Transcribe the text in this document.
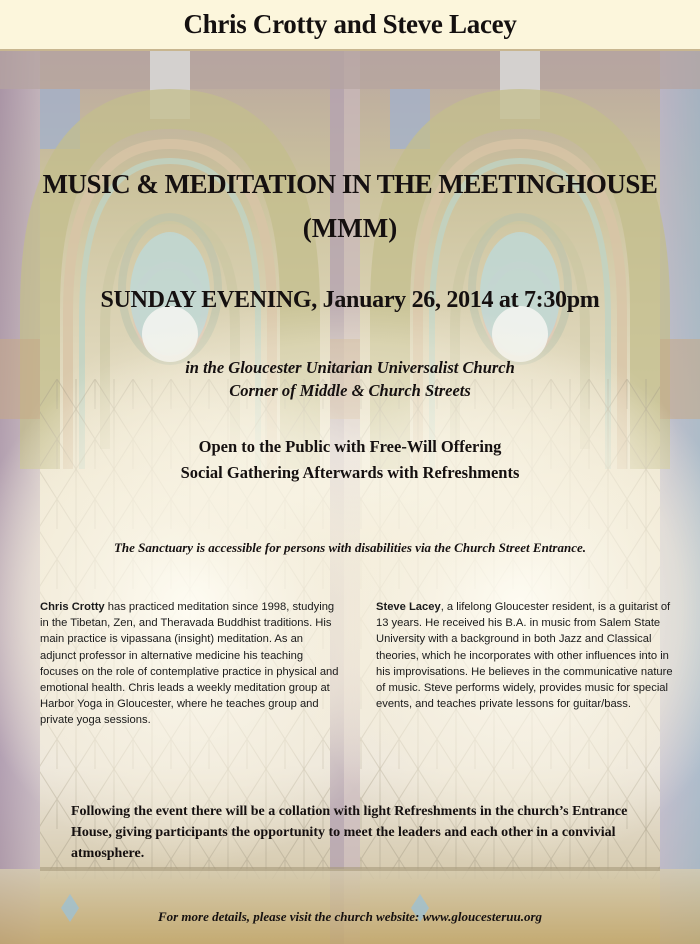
Chris Crotty and Steve Lacey
MUSIC & MEDITATION IN THE MEETINGHOUSE
(MMM)
SUNDAY EVENING, January 26, 2014 at 7:30pm
in the Gloucester Unitarian Universalist Church
Corner of Middle & Church Streets
Open to the Public with Free-Will Offering
Social Gathering Afterwards with Refreshments
The Sanctuary is accessible for persons with disabilities via the Church Street Entrance.
Chris Crotty has practiced meditation since 1998, studying in the Tibetan, Zen, and Theravada Buddhist traditions. His main practice is vipassana (insight) meditation. As an adjunct professor in alternative medicine his teaching focuses on the role of contemplative practice in physical and emotional health. Chris leads a weekly meditation group at Harbor Yoga in Gloucester, where he teaches group and private yoga sessions.
Steve Lacey, a lifelong Gloucester resident, is a guitarist of 13 years. He received his B.A. in music from Salem State University with a background in both Jazz and Classical theories, which he incorporates with other influences into in his improvisations. He believes in the communicative nature of music. Steve performs widely, provides music for special events, and teaches private lessons for guitar/bass.
Following the event there will be a collation with light Refreshments in the church’s Entrance House, giving participants the opportunity to meet the leaders and each other in a convivial atmosphere.
For more details, please visit the church website: www.gloucesteruu.org
